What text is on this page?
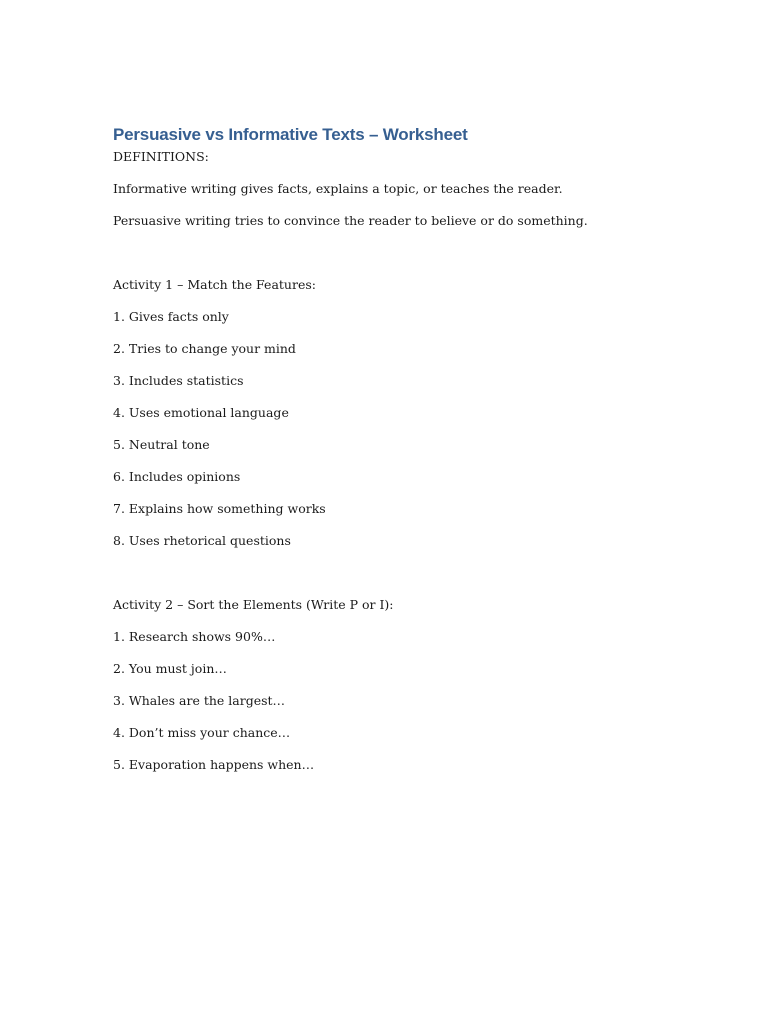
Persuasive vs Informative Texts – Worksheet

DEFINITIONS:

Informative writing gives facts, explains a topic, or teaches the reader.

Persuasive writing tries to convince the reader to believe or do something.

Activity 1 – Match the Features:

1. Gives facts only
2. Tries to change your mind
3. Includes statistics
4. Uses emotional language
5. Neutral tone
6. Includes opinions
7. Explains how something works
8. Uses rhetorical questions

Activity 2 – Sort the Elements (Write P or I):

1. Research shows 90%…
2. You must join…
3. Whales are the largest…
4. Don’t miss your chance…
5. Evaporation happens when…
